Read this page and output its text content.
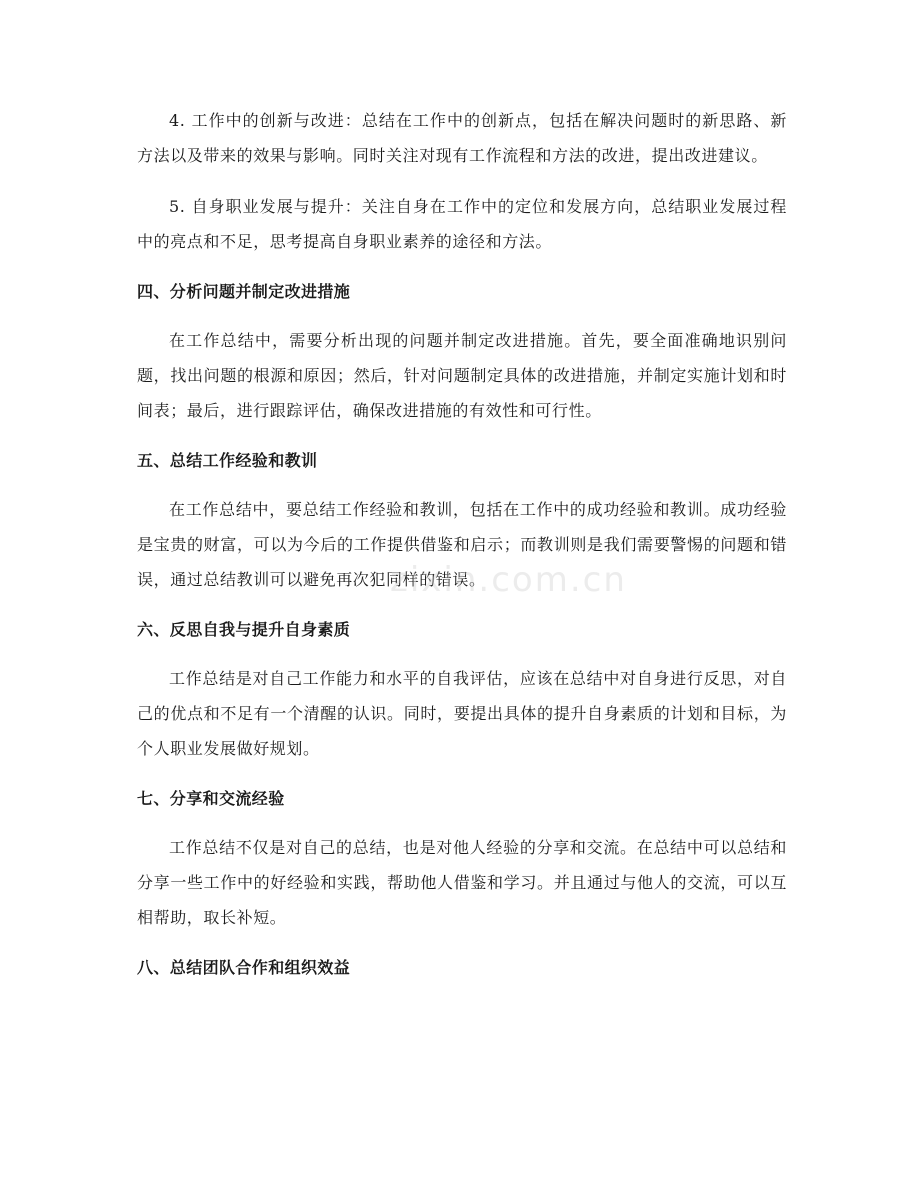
4. 工作中的创新与改进：总结在工作中的创新点，包括在解决问题时的新思路、新方法以及带来的效果与影响。同时关注对现有工作流程和方法的改进，提出改进建议。

5. 自身职业发展与提升：关注自身在工作中的定位和发展方向，总结职业发展过程中的亮点和不足，思考提高自身职业素养的途径和方法。

四、分析问题并制定改进措施

在工作总结中，需要分析出现的问题并制定改进措施。首先，要全面准确地识别问题，找出问题的根源和原因；然后，针对问题制定具体的改进措施，并制定实施计划和时间表；最后，进行跟踪评估，确保改进措施的有效性和可行性。

五、总结工作经验和教训

在工作总结中，要总结工作经验和教训，包括在工作中的成功经验和教训。成功经验是宝贵的财富，可以为今后的工作提供借鉴和启示；而教训则是我们需要警惕的问题和错误，通过总结教训可以避免再次犯同样的错误。

六、反思自我与提升自身素质

工作总结是对自己工作能力和水平的自我评估，应该在总结中对自身进行反思，对自己的优点和不足有一个清醒的认识。同时，要提出具体的提升自身素质的计划和目标，为个人职业发展做好规划。

七、分享和交流经验

工作总结不仅是对自己的总结，也是对他人经验的分享和交流。在总结中可以总结和分享一些工作中的好经验和实践，帮助他人借鉴和学习。并且通过与他人的交流，可以互相帮助，取长补短。

八、总结团队合作和组织效益
zixin.com.cn
